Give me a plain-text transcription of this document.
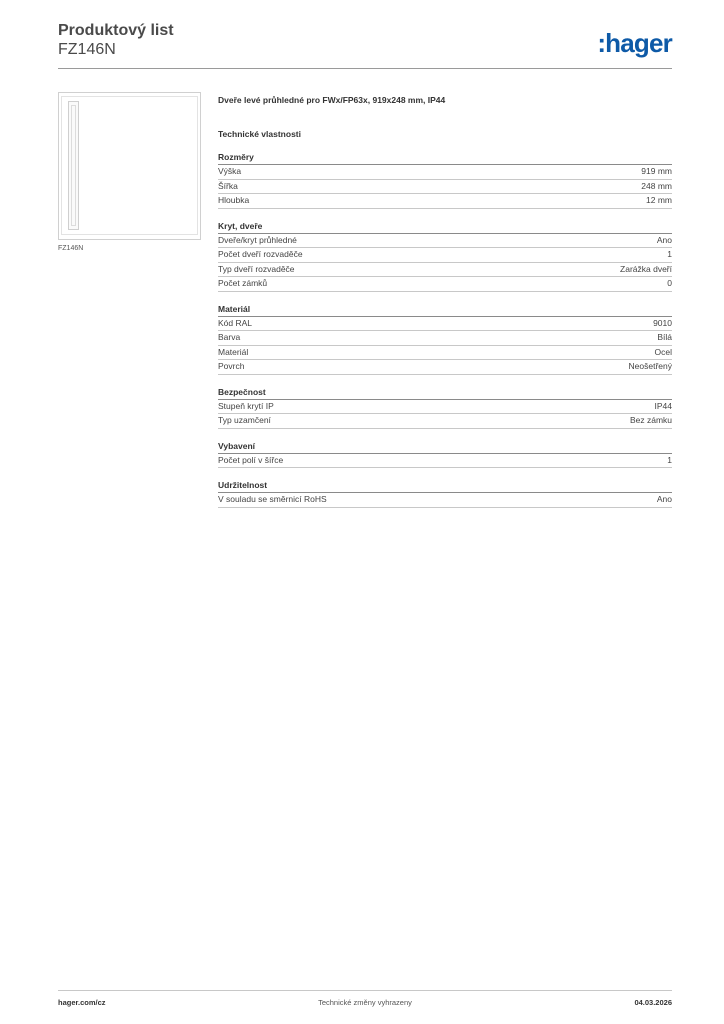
Produktový list
FZ146N	:hager
FZ146N
Dveře levé průhledné pro FWx/FP63x, 919x248 mm, IP44
Technické vlastnosti
Rozměry
Výška	919 mm
Šířka	248 mm
Hloubka	12 mm
Kryt, dveře
Dveře/kryt průhledné	Ano
Počet dveří rozvaděče	1
Typ dveří rozvaděče	Zarážka dveří
Počet zámků	0
Materiál
Kód RAL	9010
Barva	Bílá
Materiál	Ocel
Povrch	Neošetřený
Bezpečnost
Stupeň krytí IP	IP44
Typ uzamčení	Bez zámku
Vybavení
Počet polí v šířce	1
Udržitelnost
V souladu se směrnicí RoHS	Ano
hager.com/cz	Technické změny vyhrazeny	04.03.2026
